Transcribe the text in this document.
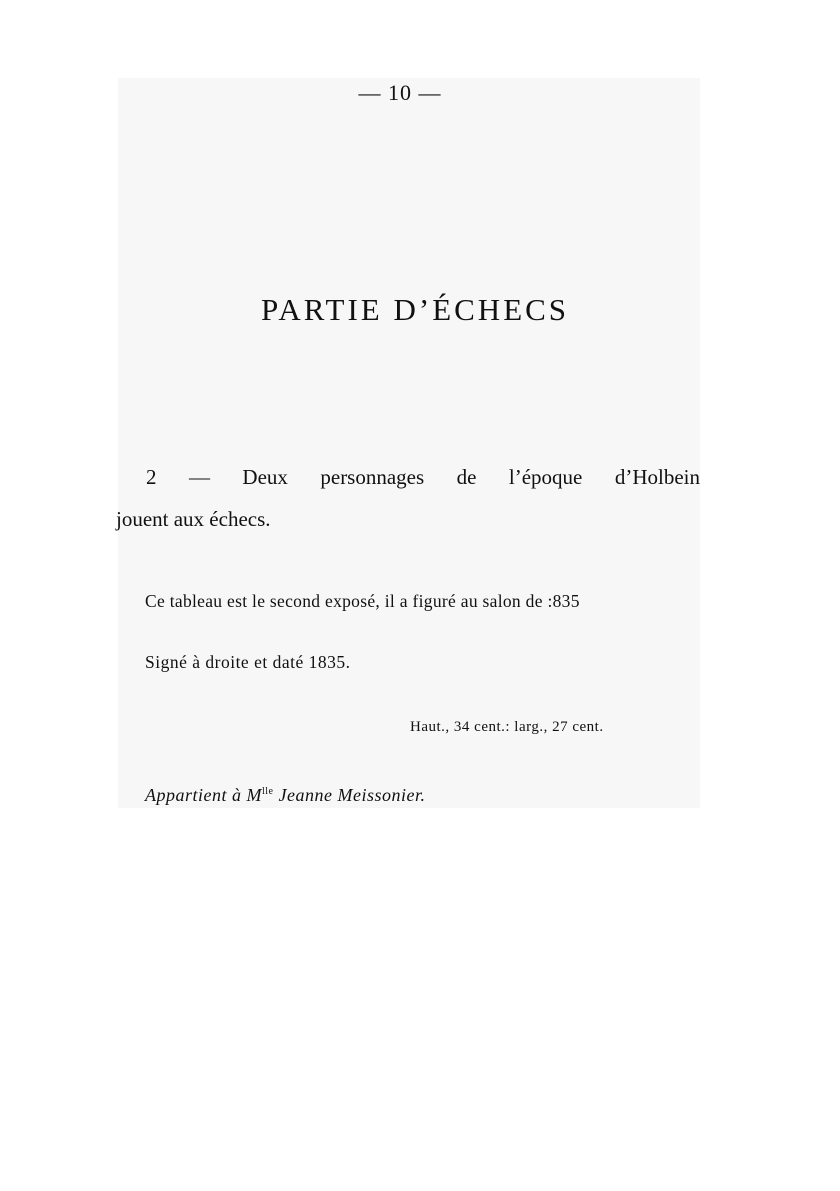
— 10 —
PARTIE D’ÉCHECS
2 — Deux personnages de l’époque d’Holbein
jouent aux échecs.
Ce tableau est le second exposé, il a figuré au salon de :835
Signé à droite et daté 1835.
Haut., 34 cent.: larg., 27 cent.
Appartient à $M^{lle}$ Jeanne Meissonier.
